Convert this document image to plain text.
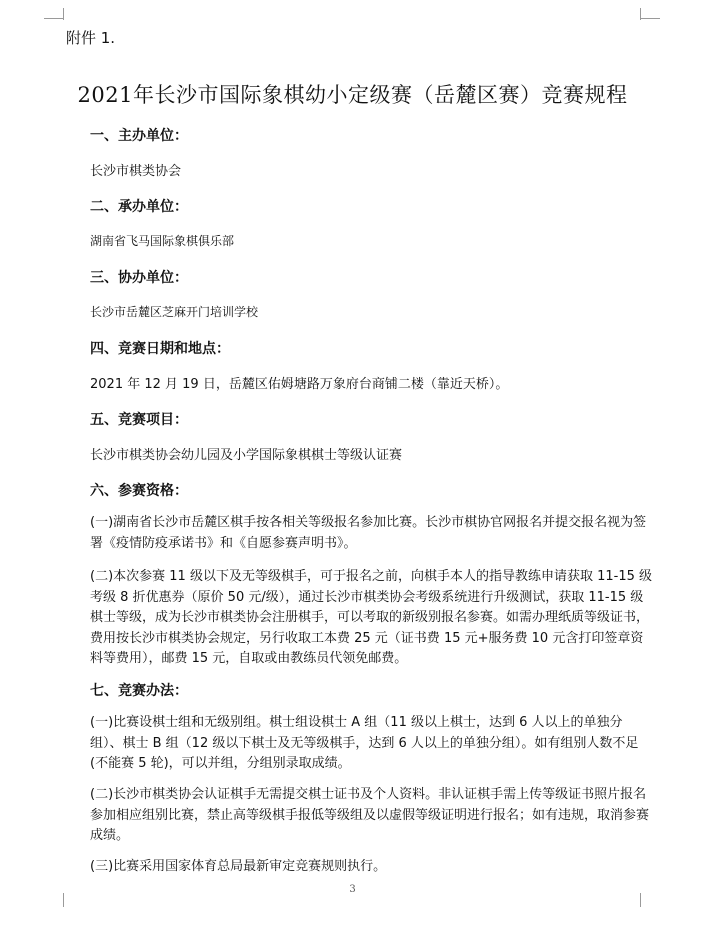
附件 1.
2021年长沙市国际象棋幼小定级赛（岳麓区赛）竞赛规程
一、主办单位：
长沙市棋类协会
二、承办单位：
湖南省飞马国际象棋俱乐部
三、协办单位：
长沙市岳麓区芝麻开门培训学校
四、竞赛日期和地点：
2021 年 12 月 19 日，岳麓区佑姆塘路万象府台商铺二楼（靠近天桥）。
五、竞赛项目：
长沙市棋类协会幼儿园及小学国际象棋棋士等级认证赛
六、参赛资格：
(一)湖南省长沙市岳麓区棋手按各相关等级报名参加比赛。长沙市棋协官网报名并提交报名视为签署《疫情防疫承诺书》和《自愿参赛声明书》。
(二)本次参赛 11 级以下及无等级棋手，可于报名之前，向棋手本人的指导教练申请获取 11-15 级考级 8 折优惠券（原价 50 元/级），通过长沙市棋类协会考级系统进行升级测试，获取 11-15 级棋士等级，成为长沙市棋类协会注册棋手，可以考取的新级别报名参赛。如需办理纸质等级证书，费用按长沙市棋类协会规定，另行收取工本费 25 元（证书费 15 元+服务费 10 元含打印签章资料等费用），邮费 15 元，自取或由教练员代领免邮费。
七、竞赛办法：
(一)比赛设棋士组和无级别组。棋士组设棋士 A 组（11 级以上棋士，达到 6 人以上的单独分组）、棋士 B 组（12 级以下棋士及无等级棋手，达到 6 人以上的单独分组）。如有组别人数不足(不能赛 5 轮)，可以并组，分组别录取成绩。
(二)长沙市棋类协会认证棋手无需提交棋士证书及个人资料。非认证棋手需上传等级证书照片报名参加相应组别比赛，禁止高等级棋手报低等级组及以虚假等级证明进行报名；如有违规，取消参赛成绩。
(三)比赛采用国家体育总局最新审定竞赛规则执行。
3
